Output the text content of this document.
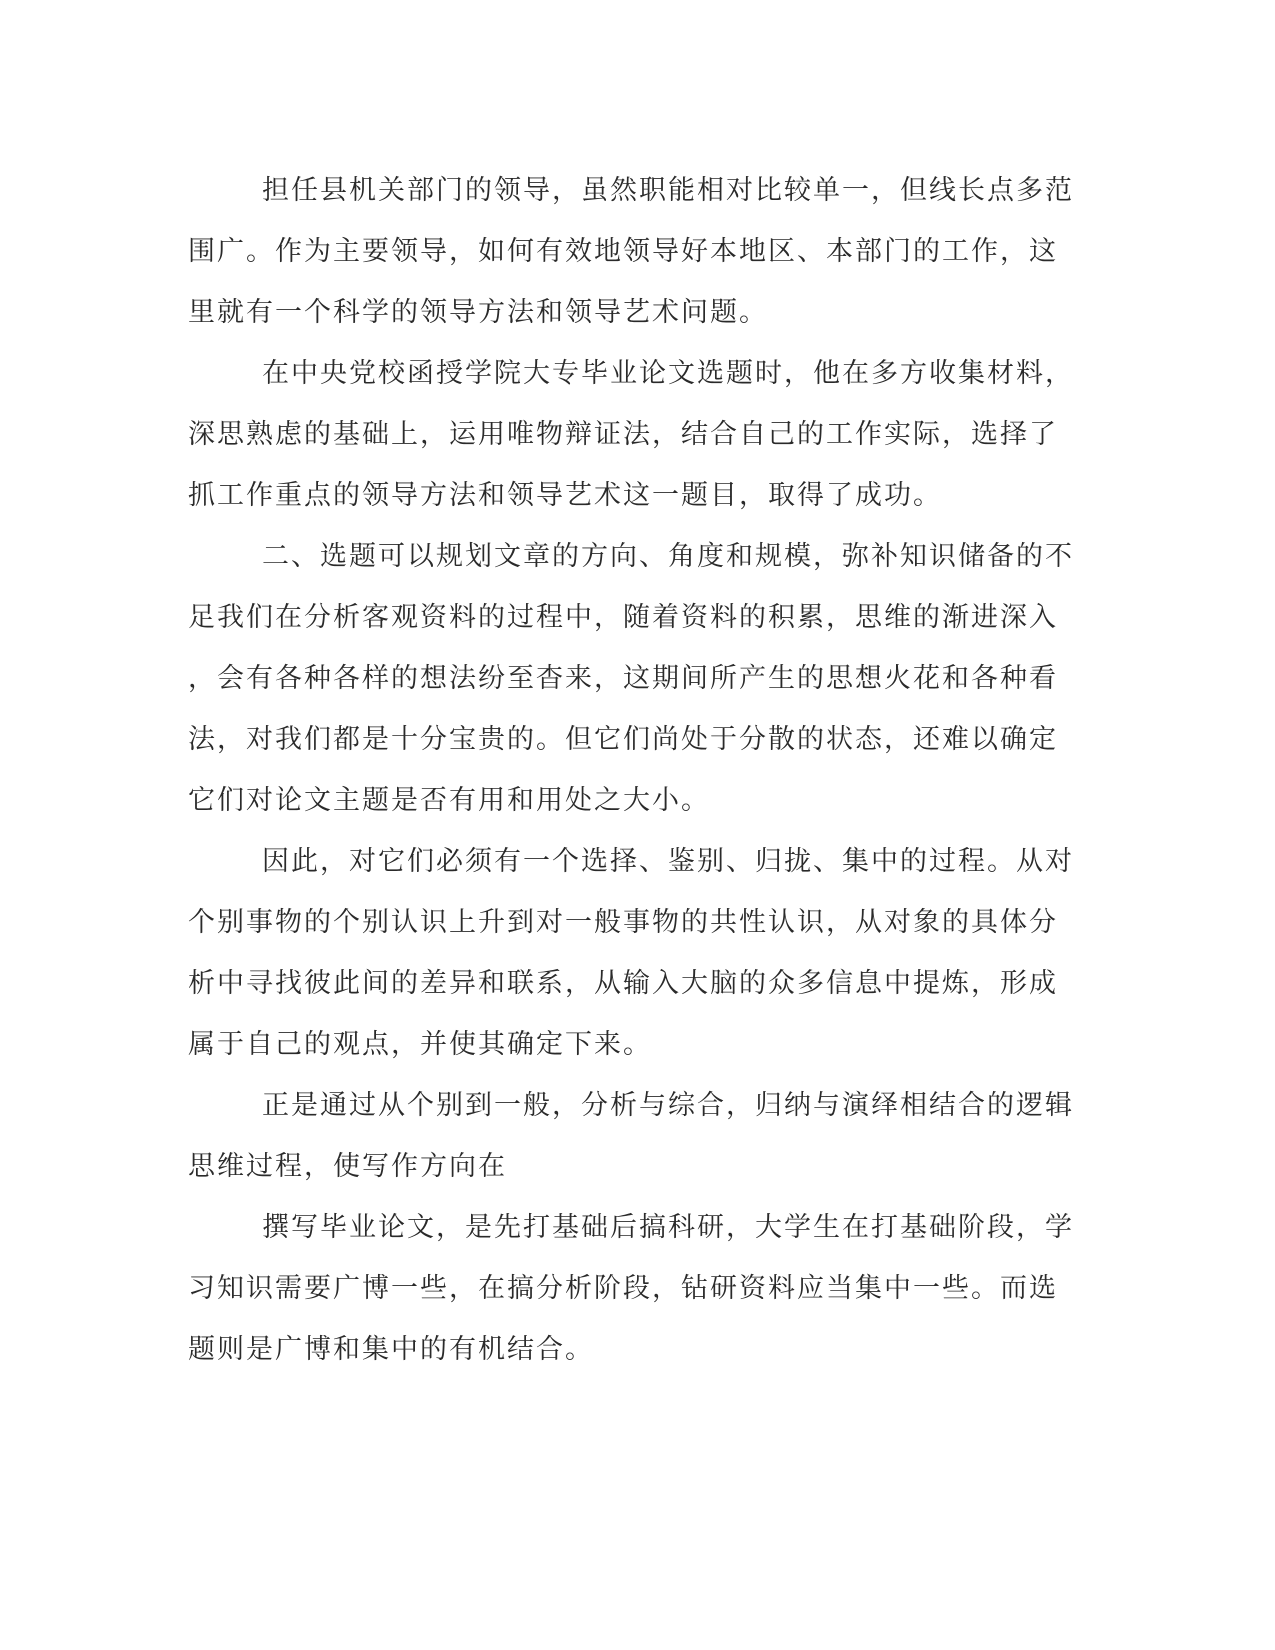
担任县机关部门的领导，虽然职能相对比较单一，但线长点多范
围广。作为主要领导，如何有效地领导好本地区、本部门的工作，这
里就有一个科学的领导方法和领导艺术问题。
在中央党校函授学院大专毕业论文选题时，他在多方收集材料，
深思熟虑的基础上，运用唯物辩证法，结合自己的工作实际，选择了
抓工作重点的领导方法和领导艺术这一题目，取得了成功。
二、选题可以规划文章的方向、角度和规模，弥补知识储备的不
足我们在分析客观资料的过程中，随着资料的积累，思维的渐进深入
，会有各种各样的想法纷至杳来，这期间所产生的思想火花和各种看
法，对我们都是十分宝贵的。但它们尚处于分散的状态，还难以确定
它们对论文主题是否有用和用处之大小。
因此，对它们必须有一个选择、鉴别、归拢、集中的过程。从对
个别事物的个别认识上升到对一般事物的共性认识，从对象的具体分
析中寻找彼此间的差异和联系，从输入大脑的众多信息中提炼，形成
属于自己的观点，并使其确定下来。
正是通过从个别到一般，分析与综合，归纳与演绎相结合的逻辑
思维过程，使写作方向在
撰写毕业论文，是先打基础后搞科研，大学生在打基础阶段，学
习知识需要广博一些，在搞分析阶段，钻研资料应当集中一些。而选
题则是广博和集中的有机结合。
